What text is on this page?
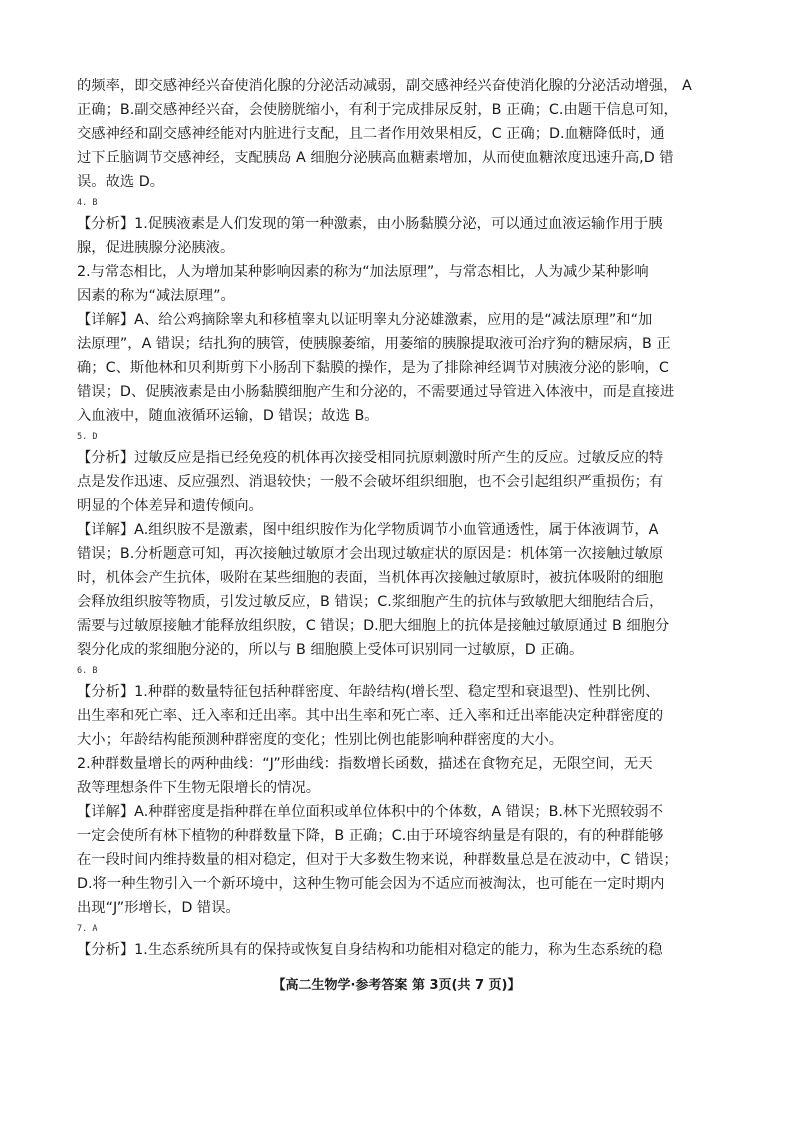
的频率，即交感神经兴奋使消化腺的分泌活动减弱，副交感神经兴奋使消化腺的分泌活动增强， A
正确；B.副交感神经兴奋，会使膀胱缩小，有利于完成排尿反射，B 正确；C.由题干信息可知，
交感神经和副交感神经能对内脏进行支配，且二者作用效果相反，C 正确；D.血糖降低时，通
过下丘脑调节交感神经，支配胰岛 A 细胞分泌胰高血糖素增加，从而使血糖浓度迅速升高,D 错
误。故选 D。
4. B
【分析】1.促胰液素是人们发现的第一种激素，由小肠黏膜分泌，可以通过血液运输作用于胰
腺，促进胰腺分泌胰液。
2.与常态相比，人为增加某种影响因素的称为“加法原理”，与常态相比，人为减少某种影响
因素的称为“减法原理”。
【详解】A、给公鸡摘除睾丸和移植睾丸以证明睾丸分泌雄激素，应用的是“减法原理”和“加
法原理”，A 错误；结扎狗的胰管，使胰腺萎缩，用萎缩的胰腺提取液可治疗狗的糖尿病，B 正
确；C、斯他林和贝利斯剪下小肠刮下黏膜的操作，是为了排除神经调节对胰液分泌的影响，C
错误；D、促胰液素是由小肠黏膜细胞产生和分泌的，不需要通过导管进入体液中，而是直接进
入血液中，随血液循环运输，D 错误；故选 B。
5. D
【分析】过敏反应是指已经免疫的机体再次接受相同抗原刺激时所产生的反应。过敏反应的特
点是发作迅速、反应强烈、消退较快；一般不会破坏组织细胞，也不会引起组织严重损伤；有
明显的个体差异和遗传倾向。
【详解】A.组织胺不是激素，图中组织胺作为化学物质调节小血管通透性，属于体液调节，A
错误；B.分析题意可知，再次接触过敏原才会出现过敏症状的原因是：机体第一次接触过敏原
时，机体会产生抗体，吸附在某些细胞的表面，当机体再次接触过敏原时，被抗体吸附的细胞
会释放组织胺等物质，引发过敏反应，B 错误；C.浆细胞产生的抗体与致敏肥大细胞结合后，
需要与过敏原接触才能释放组织胺，C 错误；D.肥大细胞上的抗体是接触过敏原通过 B 细胞分
裂分化成的浆细胞分泌的，所以与 B 细胞膜上受体可识别同一过敏原，D 正确。
6. B
【分析】1.种群的数量特征包括种群密度、年龄结构(增长型、稳定型和衰退型)、性别比例、
出生率和死亡率、迁入率和迁出率。其中出生率和死亡率、迁入率和迁出率能决定种群密度的
大小；年龄结构能预测种群密度的变化；性别比例也能影响种群密度的大小。
2.种群数量增长的两种曲线：“J”形曲线：指数增长函数，描述在食物充足，无限空间，无天
敌等理想条件下生物无限增长的情况。
【详解】A.种群密度是指种群在单位面积或单位体积中的个体数，A 错误；B.林下光照较弱不
一定会使所有林下植物的种群数量下降，B 正确；C.由于环境容纳量是有限的，有的种群能够
在一段时间内维持数量的相对稳定，但对于大多数生物来说，种群数量总是在波动中，C 错误；
D.将一种生物引入一个新环境中，这种生物可能会因为不适应而被淘汰，也可能在一定时期内
出现“J”形增长，D 错误。
7. A
【分析】1.生态系统所具有的保持或恢复自身结构和功能相对稳定的能力，称为生态系统的稳
【高二生物学·参考答案 第 3页(共 7 页)】
